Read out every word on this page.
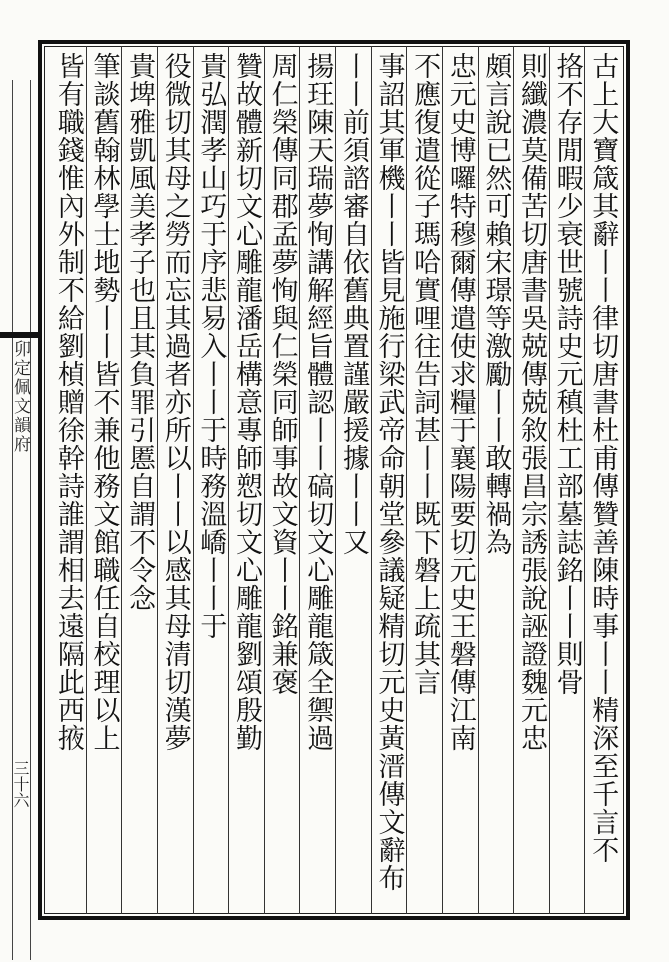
卯定佩文韻府
三十六	古上大寶箴其辭丨丨律切唐書杜甫傳贊善陳時事丨丨精深至千言不
挌不存閒暇少衰世號詩史元稹杜工部墓誌銘丨丨則骨
則纖濃莫備苦切唐書吳兢傳兢敘張昌宗誘張說誣證魏元忠
頗言說已然可賴宋璟等激勵丨丨敢轉禍為
忠元史博囉特穆爾傳遣使求糧于襄陽要切元史王磐傳江南
不應復遣從子瑪哈實哩往告詞甚丨丨既下磐上疏其言
事詔其軍機丨丨皆見施行梁武帝命朝堂參議疑精切元史黃溍傳文辭布
丨丨前須諮審自依舊典置謹嚴援據丨丨又
揚玨陳天瑞夢恂講解經旨體認丨丨碻切文心雕龍箴全禦過
周仁榮傳同郡孟夢恂與仁榮同師事故文資丨丨銘兼褒
贊故體新切文心雕龍潘岳構意專師愬切文心雕龍劉頌殷勤
貴弘潤孝山巧于序悲易入丨丨于時務溫嶠丨丨于
役微切其母之勞而忘其過者亦所以丨丨以感其母清切漢夢
貴埤雅凱風美孝子也且其負罪引慝自謂不令念
筆談舊翰林學士地勢丨丨皆不兼他務文館職任自校理以上
皆有職錢惟內外制不給劉楨贈徐幹詩誰謂相去遠隔此西掖
